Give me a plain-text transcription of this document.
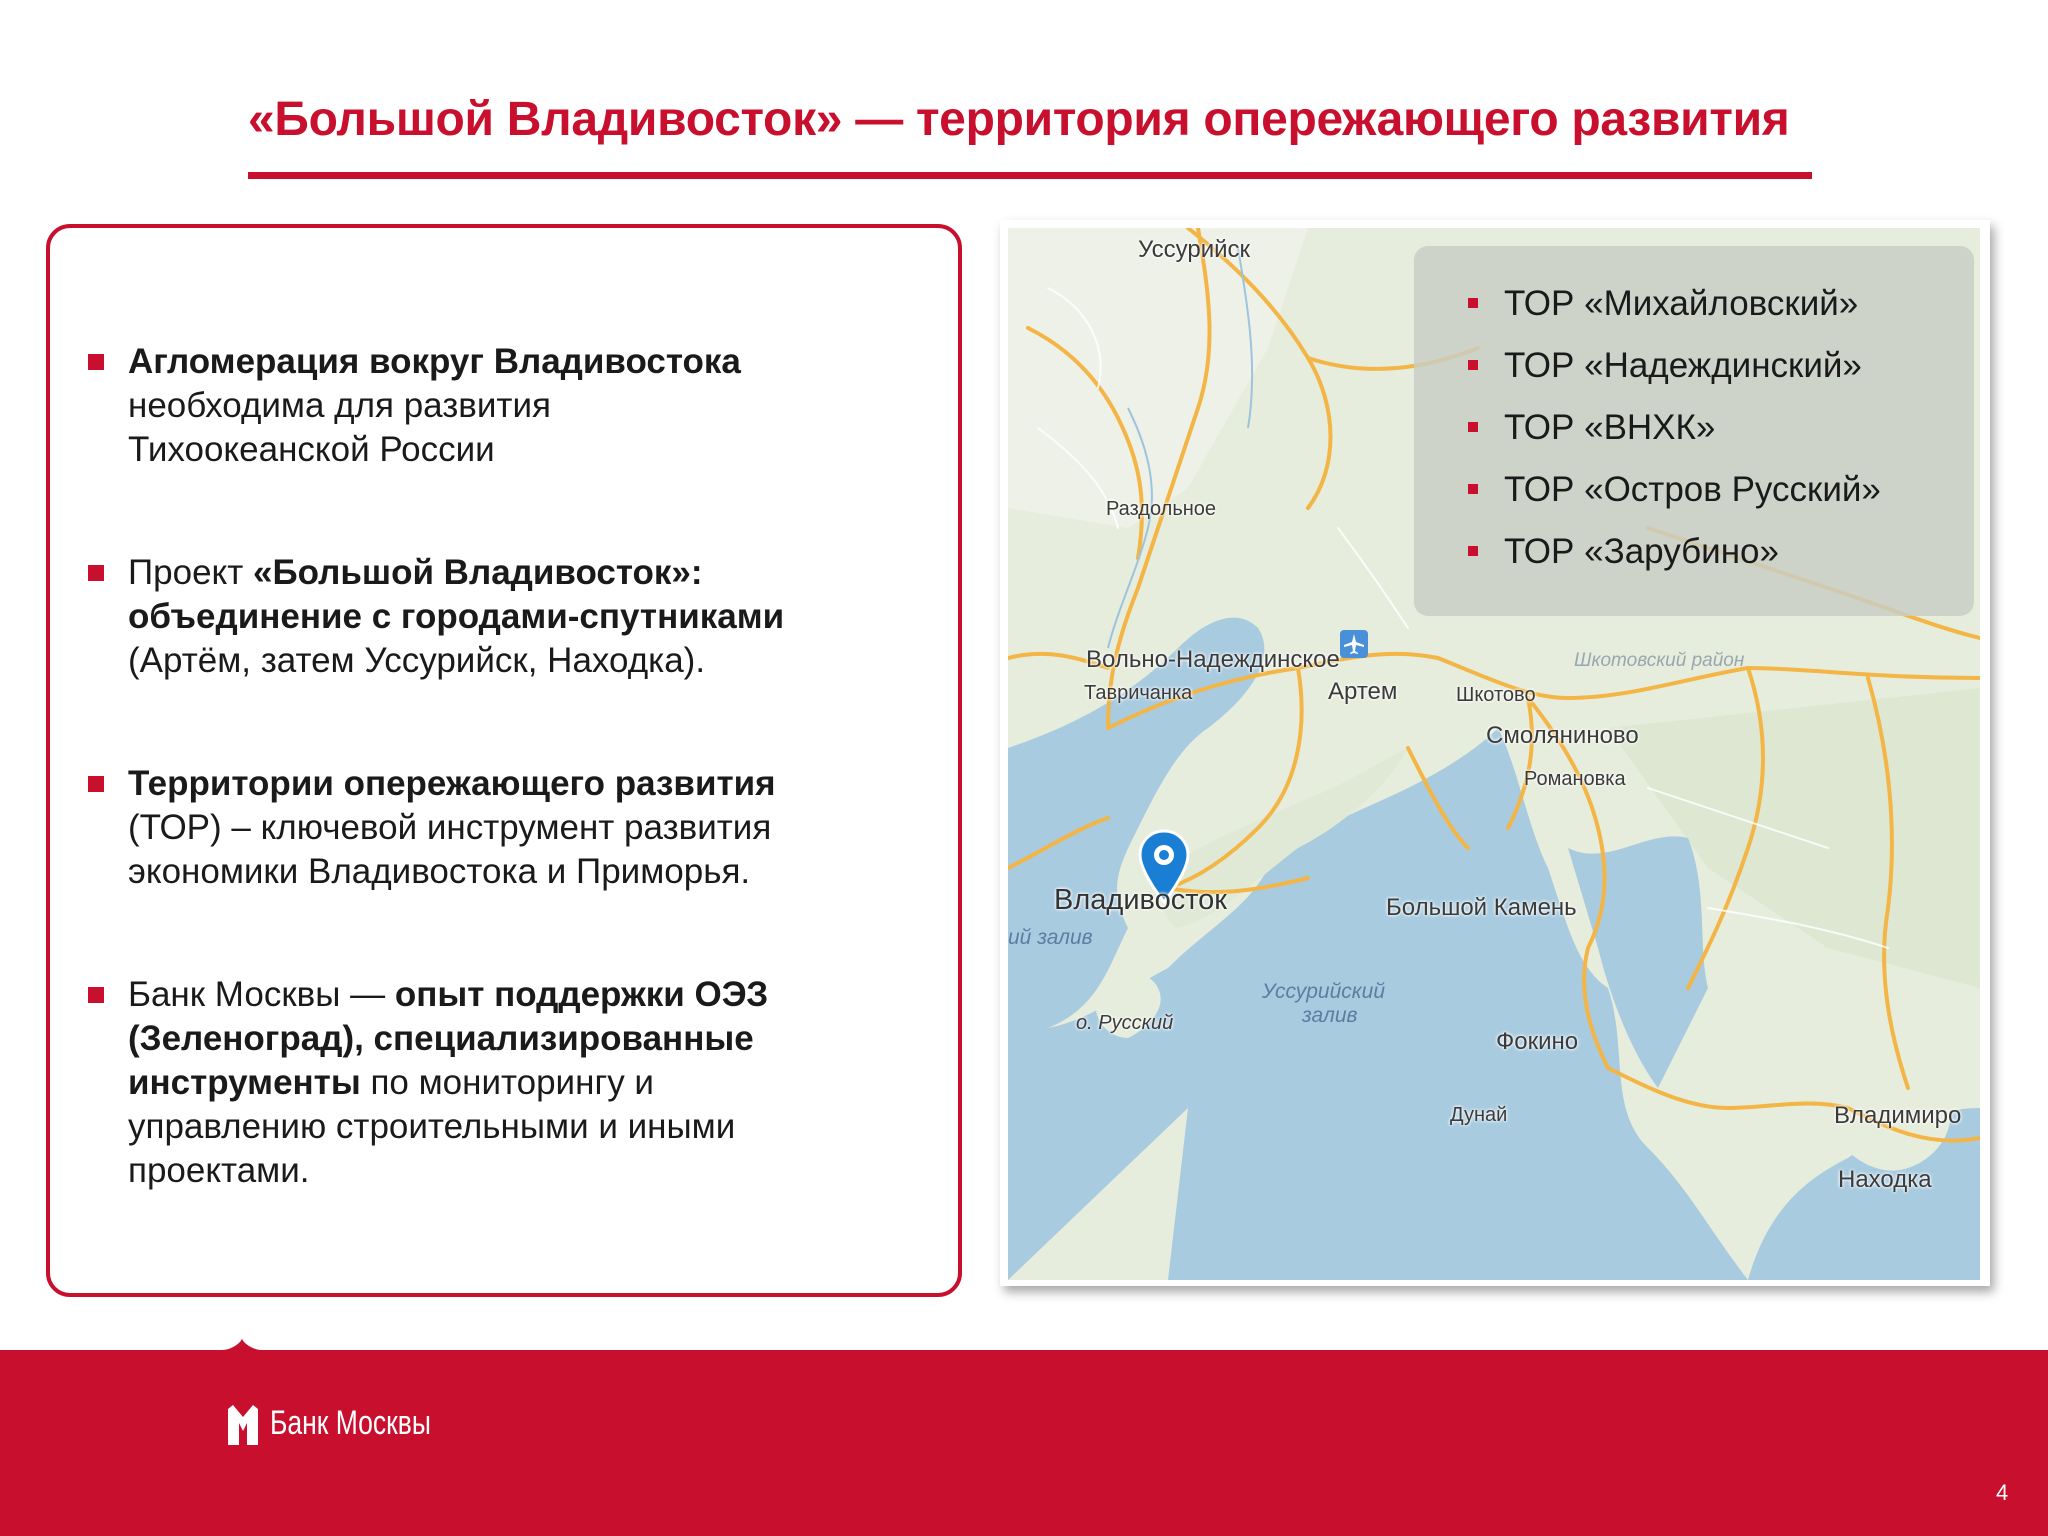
«Большой Владивосток» — территория опережающего развития

Агломерация вокруг Владивостока
необходима для развития
Тихоокеанской России

Проект «Большой Владивосток»:
объединение с городами-спутниками
(Артём, затем Уссурийск, Находка).

Территории опережающего развития
(ТОР) – ключевой инструмент развития
экономики Владивостока и Приморья.

Банк Москвы — опыт поддержки ОЭЗ
(Зеленоград), специализированные
инструменты по мониторингу и
управлению строительными и иными
проектами.

Уссурийск
Раздольное
Вольно-Надеждинское
Тавричанка	Артем	Шкотово
Шкотовский район
Смоляниново
Романовка
Владивосток
ий залив
о. Русский
Уссурийский
залив
Большой Камень
Фокино
Дунай	Владимиро
Находка
ТОР «Михайловский»
ТОР «Надеждинский»
ТОР «ВНХК»
ТОР «Остров Русский»
ТОР «Зарубино»
Банк Москвы
4
